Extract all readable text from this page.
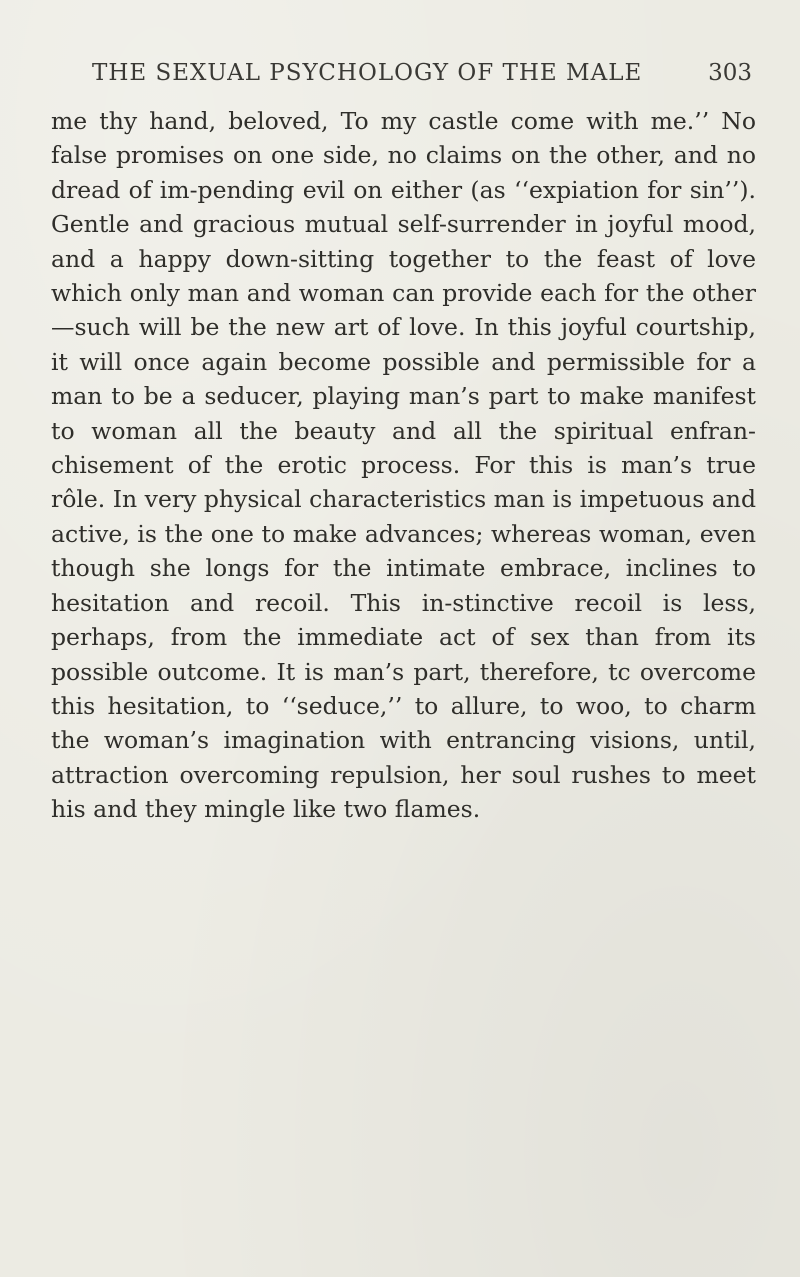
THE SEXUAL PSYCHOLOGY OF THE MALE	303

me thy hand, beloved, To my castle come with me.’’ No false promises on one side, no claims on the other, and no dread of im-pending evil on either (as ‘‘expiation for sin’’). Gentle and gracious mutual self-surrender in joyful mood, and a happy down-sitting together to the feast of love which only man and woman can provide each for the other—such will be the new art of love. In this joyful courtship, it will once again become possible and permissible for a man to be a seducer, playing man’s part to make manifest to woman all the beauty and all the spiritual enfran-chisement of the erotic process. For this is man’s true rôle. In very physical characteristics man is impetuous and active, is the one to make advances; whereas woman, even though she longs for the intimate embrace, inclines to hesitation and recoil. This in-stinctive recoil is less, perhaps, from the immediate act of sex than from its possible outcome. It is man’s part, therefore, tc overcome this hesitation, to ‘‘seduce,’’ to allure, to woo, to charm the woman’s imagination with entrancing visions, until, attraction overcoming repulsion, her soul rushes to meet his and they mingle like two flames.
